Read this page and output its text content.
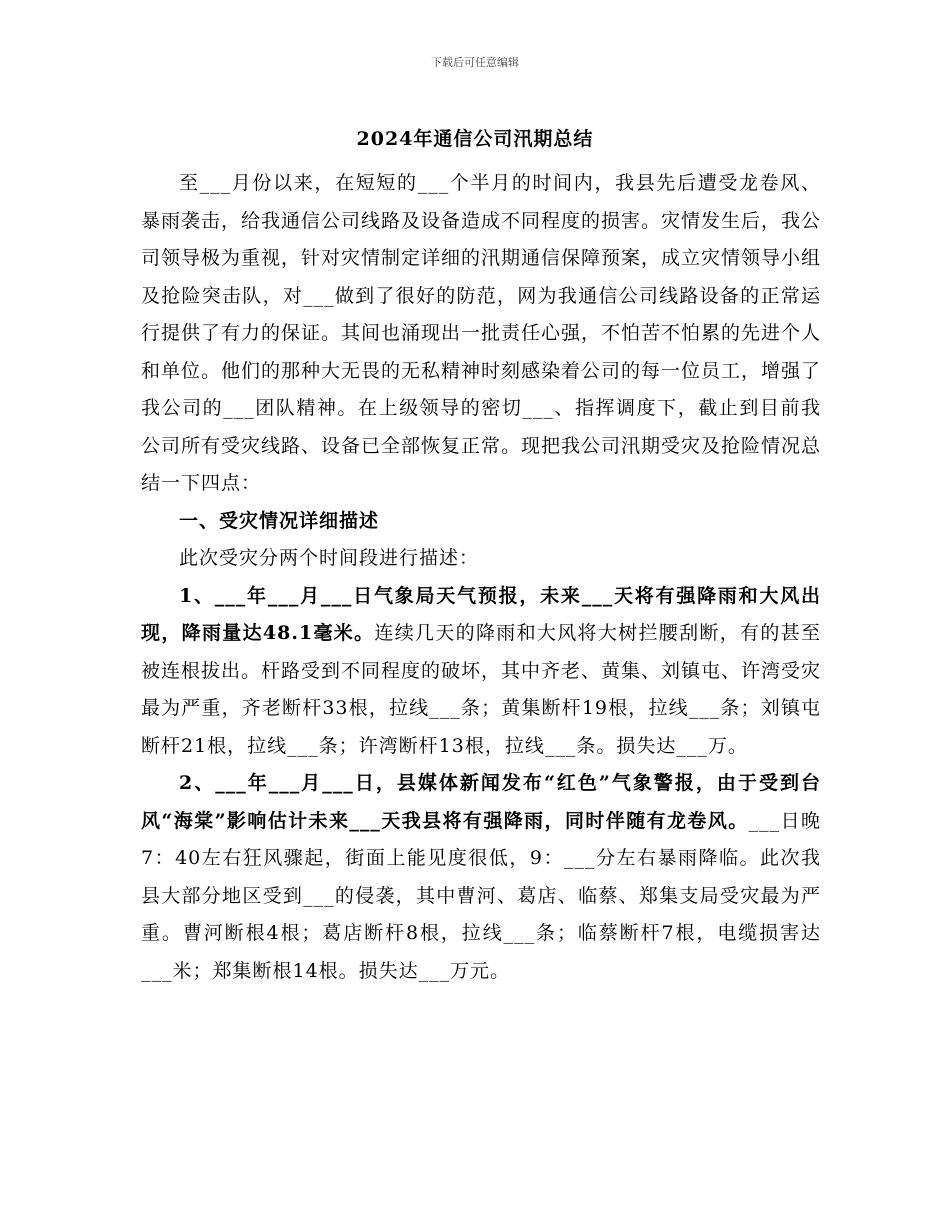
下载后可任意编辑
2024年通信公司汛期总结

至___月份以来，在短短的___个半月的时间内，我县先后遭受龙卷风、暴雨袭击，给我通信公司线路及设备造成不同程度的损害。灾情发生后，我公司领导极为重视，针对灾情制定详细的汛期通信保障预案，成立灾情领导小组及抢险突击队，对___做到了很好的防范，网为我通信公司线路设备的正常运行提供了有力的保证。其间也涌现出一批责任心强，不怕苦不怕累的先进个人和单位。他们的那种大无畏的无私精神时刻感染着公司的每一位员工，增强了我公司的___团队精神。在上级领导的密切___、指挥调度下，截止到目前我公司所有受灾线路、设备已全部恢复正常。现把我公司汛期受灾及抢险情况总结一下四点：

一、受灾情况详细描述

此次受灾分两个时间段进行描述：

1、___年___月___日气象局天气预报，未来___天将有强降雨和大风出现，降雨量达48.1毫米。连续几天的降雨和大风将大树拦腰刮断，有的甚至被连根拔出。杆路受到不同程度的破坏，其中齐老、黄集、刘镇屯、许湾受灾最为严重，齐老断杆33根，拉线___条；黄集断杆19根，拉线___条；刘镇屯断杆21根，拉线___条；许湾断杆13根，拉线___条。损失达___万。

2、___年___月___日，县媒体新闻发布“红色”气象警报，由于受到台风“海棠”影响估计未来___天我县将有强降雨，同时伴随有龙卷风。___日晚7：40左右狂风骤起，街面上能见度很低，9：___分左右暴雨降临。此次我县大部分地区受到___的侵袭，其中曹河、葛店、临蔡、郑集支局受灾最为严重。曹河断根4根；葛店断杆8根，拉线___条；临蔡断杆7根，电缆损害达___米；郑集断根14根。损失达___万元。
